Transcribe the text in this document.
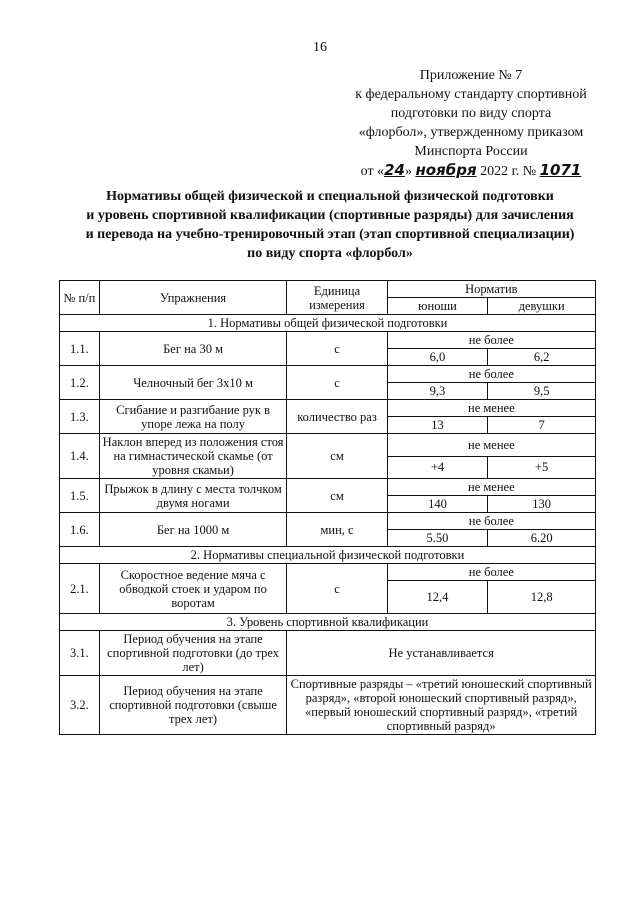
16
Приложение № 7
к федеральному стандарту спортивной
подготовки по виду спорта
«флорбол», утвержденному приказом
Минспорта России
от «24» ноября 2022 г. № 1071
Нормативы общей физической и специальной физической подготовки
и уровень спортивной квалификации (спортивные разряды) для зачисления
и перевода на учебно-тренировочный этап (этап спортивной специализации)
по виду спорта «флорбол»
№ п/п	Упражнения	Единица измерения	Норматив	
			юноши	девушки
1. Нормативы общей физической подготовки				
1.1.	Бег на 30 м	с	не более	
			6,0	6,2
1.2.	Челночный бег 3х10 м	с	не более	
			9,3	9,5
1.3.	Сгибание и разгибание рук в упоре лежа на полу	количество раз	не менее	
			13	7
1.4.	Наклон вперед из положения стоя на гимнастической скамье (от уровня скамьи)	см	не менее	
			+4	+5
1.5.	Прыжок в длину с места толчком двумя ногами	см	не менее	
			140	130
1.6.	Бег на 1000 м	мин, с	не более	
			5.50	6.20
2. Нормативы специальной физической подготовки				
2.1.	Скоростное ведение мяча с обводкой стоек и ударом по воротам	с	не более	
			12,4	12,8
3. Уровень спортивной квалификации				
3.1.	Период обучения на этапе спортивной подготовки (до трех лет)	Не устанавливается		
3.2.	Период обучения на этапе спортивной подготовки (свыше трех лет)	Спортивные разряды – «третий юношеский спортивный разряд», «второй юношеский спортивный разряд», «первый юношеский спортивный разряд», «третий спортивный разряд»		
